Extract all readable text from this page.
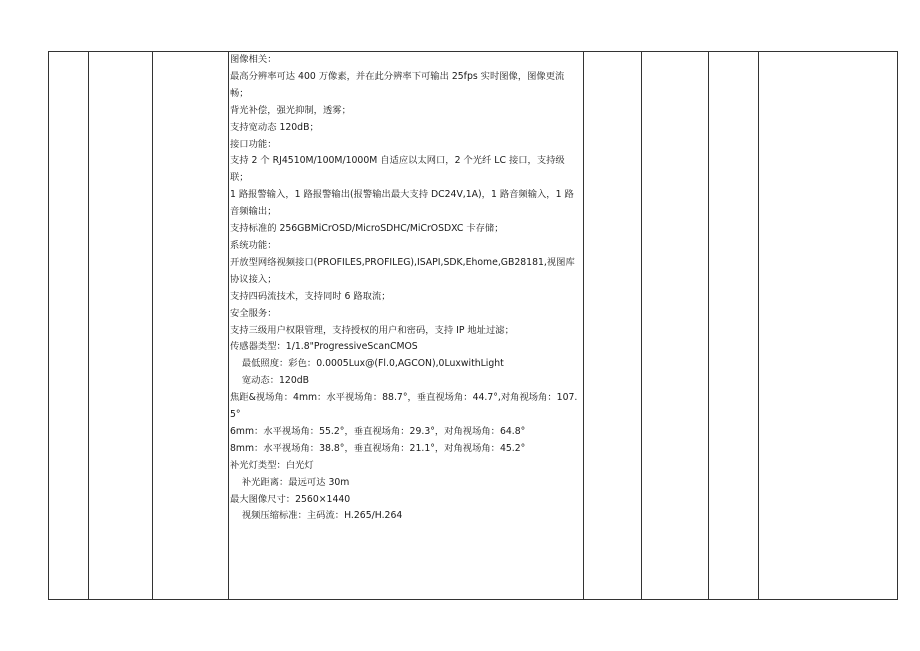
图像相关：

最高分辨率可达 400 万像素，并在此分辨率下可输出 25fps 实时图像，图像更流畅；

背光补偿，强光抑制，透雾；

支持宽动态 120dB；

接口功能：

支持 2 个 RJ4510M/100M/1000M 自适应以太网口，2 个光纤 LC 接口，支持级联；

1 路报警输入，1 路报警输出(报警输出最大支持 DC24V,1A)，1 路音频输入，1 路音频输出；

支持标准的 256GBMiCrOSD/MicroSDHC/MiCrOSDXC 卡存储；

系统功能：

开放型网络视频接口(PROFILES,PROFILEG),ISAPI,SDK,Ehome,GB28181,视图库协议接入；

支持四码流技术，支持同时 6 路取流；

安全服务：

支持三级用户权限管理，支持授权的用户和密码，支持 IP 地址过滤；

传感器类型：1/1.8"ProgressiveScanCMOS

最低照度：彩色：0.0005Lux@(Fl.0,AGCON),0LuxwithLight

宽动态：120dB

焦距&视场角：4mm：水平视场角：88.7°，垂直视场角：44.7°,对角视场角：107.5°

6mm：水平视场角：55.2°，垂直视场角：29.3°，对角视场角：64.8°

8mm：水平视场角：38.8°，垂直视场角：21.1°，对角视场角：45.2°

补光灯类型：白光灯

补光距离：最远可达 30m

最大图像尺寸：2560×1440

视频压缩标准：主码流：H.265/H.264
